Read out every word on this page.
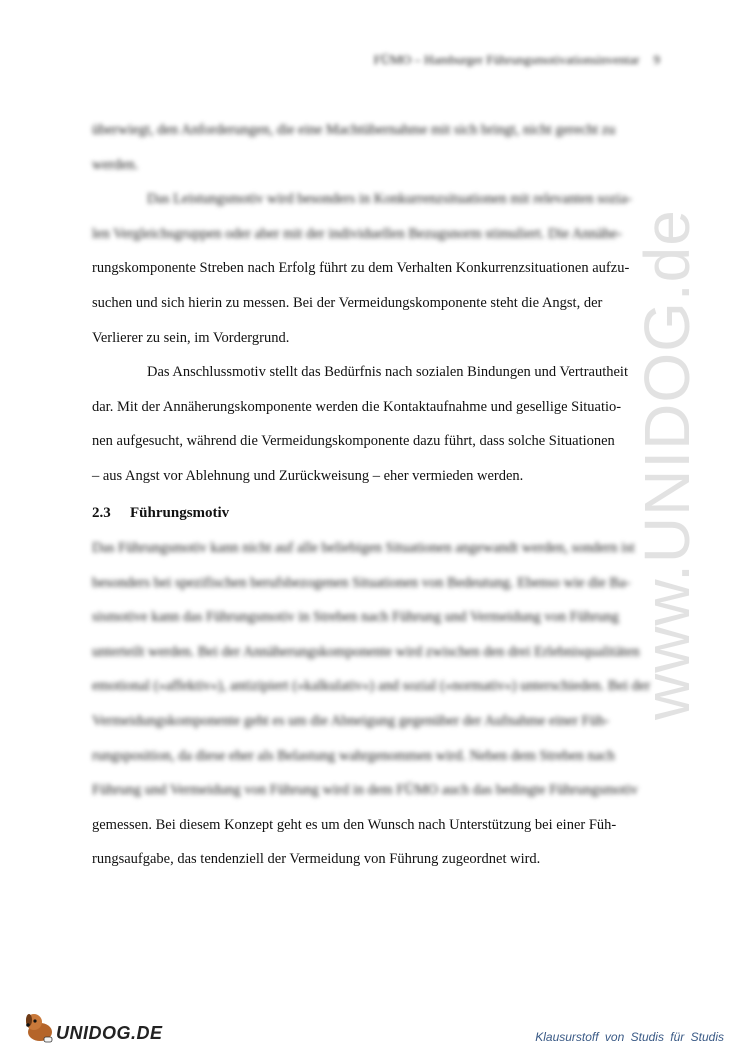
FÜMO – Hamburger Führungsmotivationsinventar 9
www.UNIDOG.de

überwiegt, den Anforderungen, die eine Machtübernahme mit sich bringt, nicht gerecht zu

werden.

Das Leistungsmotiv wird besonders in Konkurrenzsituationen mit relevanten sozia-

len Vergleichsgruppen oder aber mit der individuellen Bezugsnorm stimuliert. Die Annähe-

rungskomponente Streben nach Erfolg führt zu dem Verhalten Konkurrenzsituationen aufzu-

suchen und sich hierin zu messen. Bei der Vermeidungskomponente steht die Angst, der

Verlierer zu sein, im Vordergrund.

Das Anschlussmotiv stellt das Bedürfnis nach sozialen Bindungen und Vertrautheit

dar. Mit der Annäherungskomponente werden die Kontaktaufnahme und gesellige Situatio-

nen aufgesucht, während die Vermeidungskomponente dazu führt, dass solche Situationen

– aus Angst vor Ablehnung und Zurückweisung – eher vermieden werden.

2.3 Führungsmotiv

Das Führungsmotiv kann nicht auf alle beliebigen Situationen angewandt werden, sondern ist

besonders bei spezifischen berufsbezogenen Situationen von Bedeutung. Ebenso wie die Ba-

sismotive kann das Führungsmotiv in Streben nach Führung und Vermeidung von Führung

unterteilt werden. Bei der Annäherungskomponente wird zwischen den drei Erlebnisqualitäten

emotional (»affektiv«), antizipiert (»kalkulativ«) and sozial (»normativ«) unterschieden. Bei der

Vermeidungskomponente geht es um die Abneigung gegenüber der Aufnahme einer Füh-

rungsposition, da diese eher als Belastung wahrgenommen wird. Neben dem Streben nach

Führung und Vermeidung von Führung wird in dem FÜMO auch das bedingte Führungsmotiv

gemessen. Bei diesem Konzept geht es um den Wunsch nach Unterstützung bei einer Füh-

rungsaufgabe, das tendenziell der Vermeidung von Führung zugeordnet wird.

UNIDOG.DE	Klausurstoff von Studis für Studis
